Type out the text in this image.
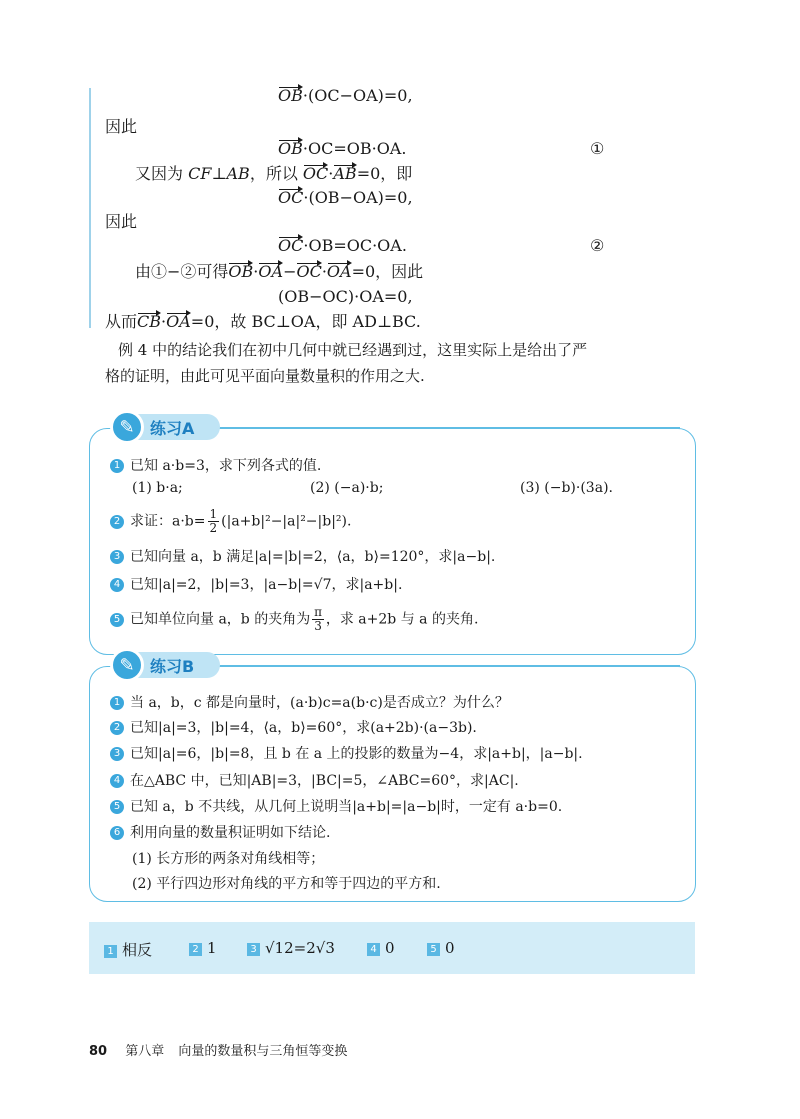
OB·(OC−OA)=0,
因此
OB·OC=OB·OA.	①
又因为 CF⊥AB，所以 OC·AB=0，即
OC·(OB−OA)=0,
因此
OC·OB=OC·OA.	②
由①−②可得OB·OA−OC·OA=0，因此
(OB−OC)·OA=0,
从而CB·OA=0，故 BC⊥OA，即 AD⊥BC.
例 4 中的结论我们在初中几何中就已经遇到过，这里实际上是给出了严
格的证明，由此可见平面向量数量积的作用之大.
✎ 练习A
1 已知 a·b=3，求下列各式的值.
(1) b·a;	(2) (−a)·b;	(3) (−b)·(3a).
2 求证：$a\cdot b= \frac{1}{2} (|a+b|^2-|a|^2-|b|^2)$.
3 已知向量 a，b 满足|a|=|b|=2，⟨a，b⟩=120°，求|a−b|.
4 已知|a|=2，|b|=3，|a−b|=√7，求|a+b|.
5 已知单位向量 a，b 的夹角为 $\frac{\pi}{3}$ ，求 a+2b 与 a 的夹角.
✎ 练习B
1 当 a，b，c 都是向量时，(a·b)c=a(b·c)是否成立？为什么？
2 已知|a|=3，|b|=4，⟨a，b⟩=60°，求(a+2b)·(a−3b).
3 已知|a|=6，|b|=8，且 b 在 a 上的投影的数量为−4，求|a+b|，|a−b|.
4 在△ABC 中，已知|AB|=3，|BC|=5，∠ABC=60°，求|AC|.
5 已知 a，b 不共线，从几何上说明当|a+b|=|a−b|时，一定有 a·b=0.
6 利用向量的数量积证明如下结论.
(1) 长方形的两条对角线相等；
(2) 平行四边形对角线的平方和等于四边的平方和.
1 相反	2 1	3 √12=2√3	4 0	5 0
80 第八章 向量的数量积与三角恒等变换
